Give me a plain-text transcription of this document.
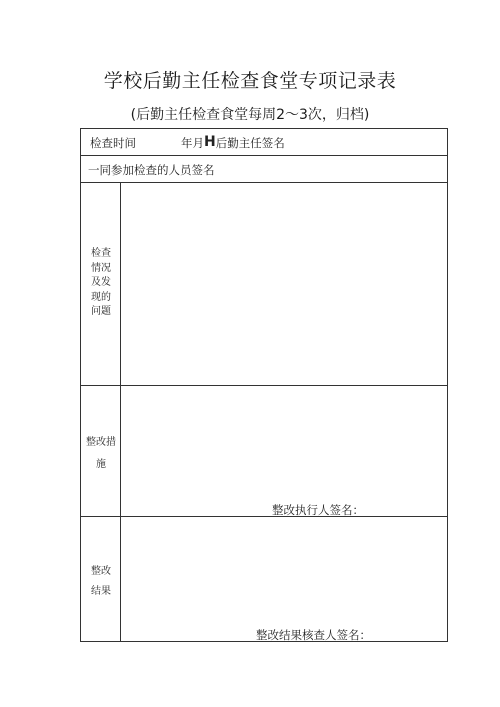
学校后勤主任检查食堂专项记录表
(后勤主任检查食堂每周2〜3次，归档)
检查时间	年月H后勤主任签名
一同参加检查的人员签名
检查
情况
及发
现的
问题
整改措
施
整改执行人签名：
整改
结果
整改结果核查人签名：
